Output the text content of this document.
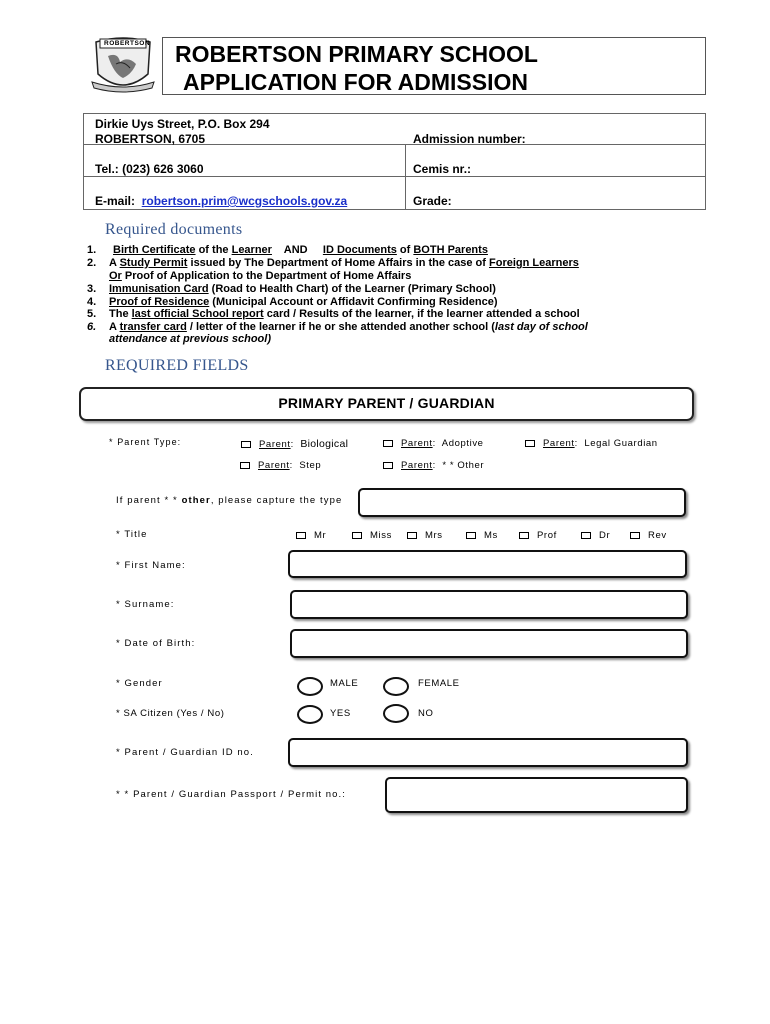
ROBERTSON ROBERTSON PRIMARY SCHOOL
APPLICATION FOR ADMISSION
Dirkie Uys Street, P.O. Box 294
ROBERTSON, 6705	Admission number:
Tel.: (023) 626 3060	Cemis nr.:
E-mail: robertson.prim@wcgschools.gov.za	Grade:
Required documents
1.	Birth Certificate of the Learner    AND     ID Documents of BOTH Parents
2.	A Study Permit issued by The Department of Home Affairs in the case of Foreign Learners
Or Proof of Application to the Department of Home Affairs
3.	Immunisation Card (Road to Health Chart) of the Learner (Primary School)
4.	Proof of Residence (Municipal Account or Affidavit Confirming Residence)
5.	The last official School report card / Results of the learner, if the learner attended a school
6.	A transfer card / letter of the learner if he or she attended another school (last day of school
attendance at previous school)
REQUIRED FIELDS
PRIMARY PARENT / GUARDIAN
* Parent Type:	Parent:  Biological	Parent:  Adoptive	Parent:  Legal Guardian
Parent:  Step	Parent:  * * Other
If parent * * other, please capture the type
* Title	Mr	Miss	Mrs	Ms	Prof	Dr	Rev
* First Name:
* Surname:
* Date of Birth:
* Gender	MALE	FEMALE
* SA Citizen (Yes / No)	YES	NO
* Parent / Guardian ID no.
* * Parent / Guardian Passport / Permit no.:
